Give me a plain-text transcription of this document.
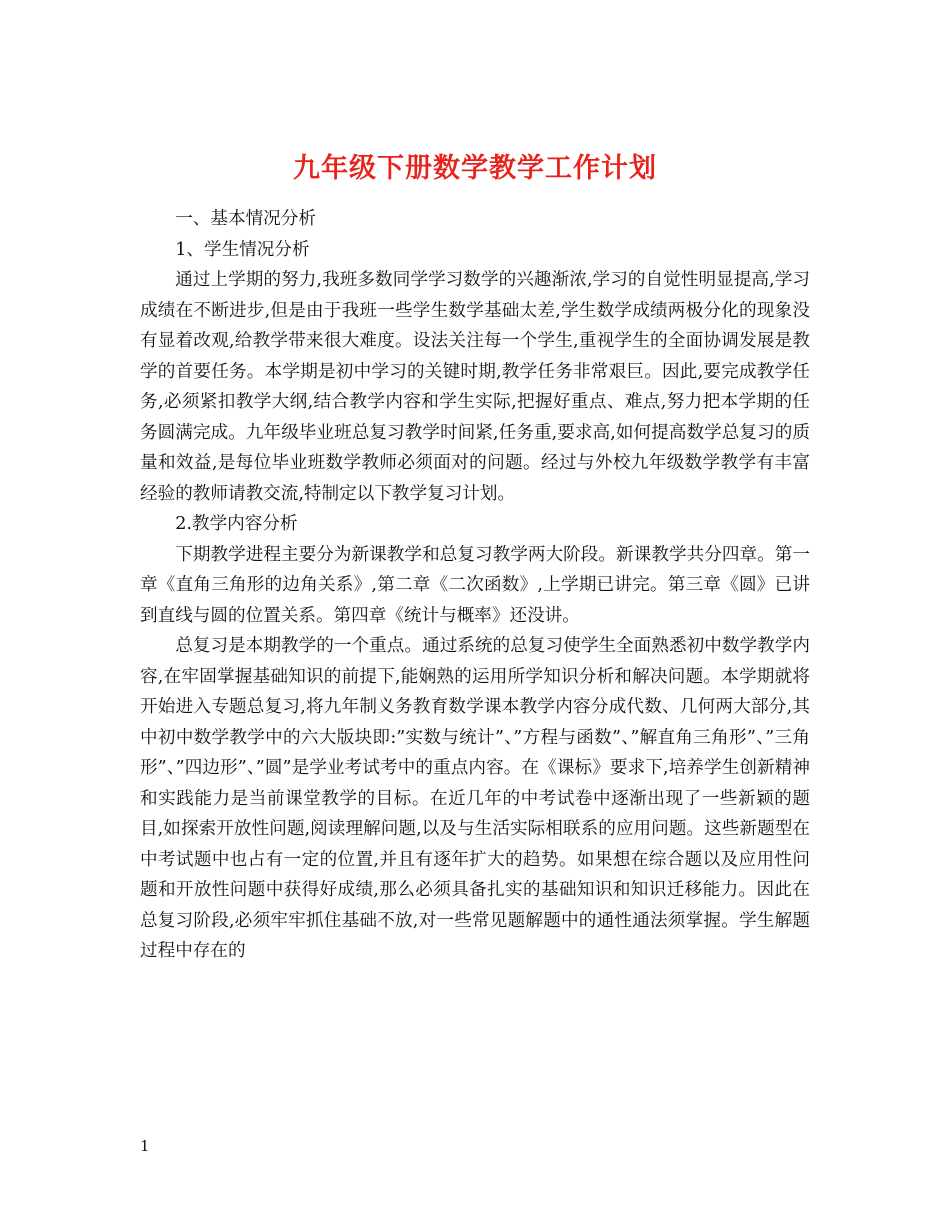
九年级下册数学教学工作计划

一、基本情况分析

1、学生情况分析

通过上学期的努力,我班多数同学学习数学的兴趣渐浓,学习的自觉性明显提高,学习成绩在不断进步,但是由于我班一些学生数学基础太差,学生数学成绩两极分化的现象没有显着改观,给教学带来很大难度。设法关注每一个学生,重视学生的全面协调发展是教学的首要任务。本学期是初中学习的关键时期,教学任务非常艰巨。因此,要完成教学任务,必须紧扣教学大纲,结合教学内容和学生实际,把握好重点、难点,努力把本学期的任务圆满完成。九年级毕业班总复习教学时间紧,任务重,要求高,如何提高数学总复习的质量和效益,是每位毕业班数学教师必须面对的问题。经过与外校九年级数学教学有丰富经验的教师请教交流,特制定以下教学复习计划。

2.教学内容分析

下期教学进程主要分为新课教学和总复习教学两大阶段。新课教学共分四章。第一章《直角三角形的边角关系》,第二章《二次函数》,上学期已讲完。第三章《圆》已讲到直线与圆的位置关系。第四章《统计与概率》还没讲。

总复习是本期教学的一个重点。通过系统的总复习使学生全面熟悉初中数学教学内容,在牢固掌握基础知识的前提下,能娴熟的运用所学知识分析和解决问题。本学期就将开始进入专题总复习,将九年制义务教育数学课本教学内容分成代数、几何两大部分,其中初中数学教学中的六大版块即:”实数与统计”、”方程与函数”、”解直角三角形”、”三角形”、”四边形”、”圆”是学业考试考中的重点内容。在《课标》要求下,培养学生创新精神和实践能力是当前课堂教学的目标。在近几年的中考试卷中逐渐出现了一些新颖的题目,如探索开放性问题,阅读理解问题,以及与生活实际相联系的应用问题。这些新题型在中考试题中也占有一定的位置,并且有逐年扩大的趋势。如果想在综合题以及应用性问题和开放性问题中获得好成绩,那么必须具备扎实的基础知识和知识迁移能力。因此在总复习阶段,必须牢牢抓住基础不放,对一些常见题解题中的通性通法须掌握。学生解题过程中存在的

1
